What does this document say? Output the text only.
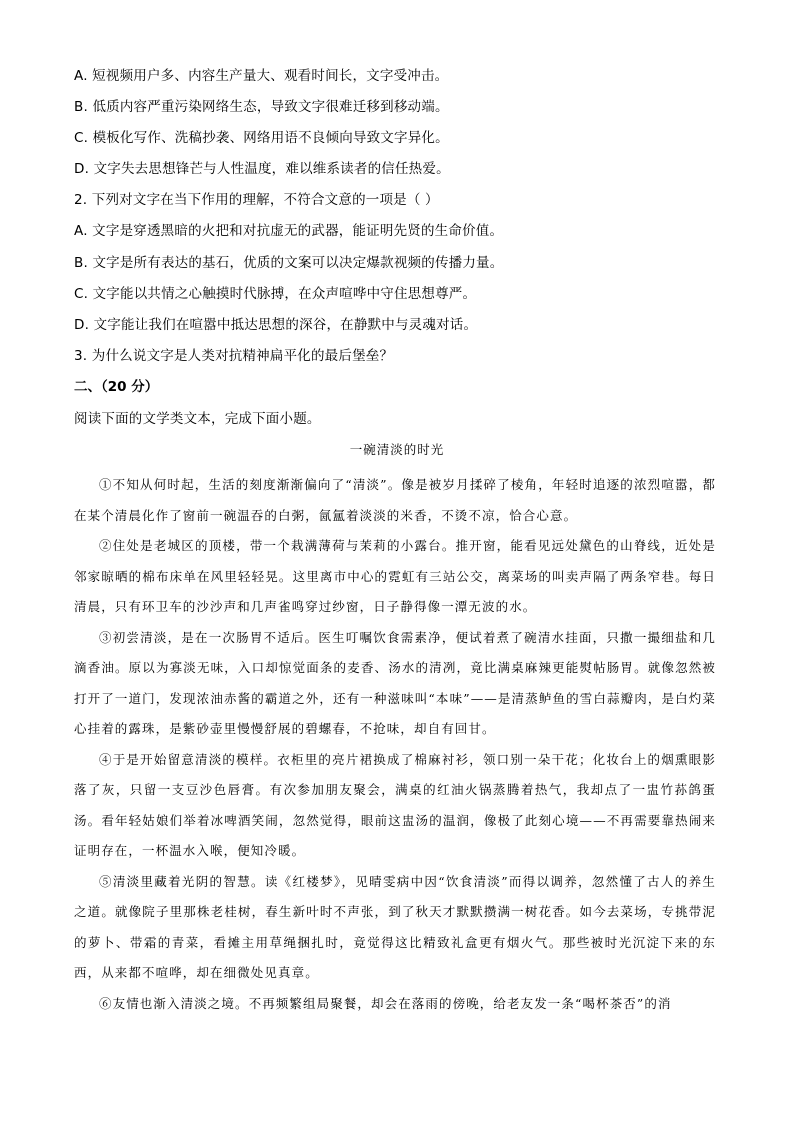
A. 短视频用户多、内容生产量大、观看时间长，文字受冲击。
B. 低质内容严重污染网络生态，导致文字很难迁移到移动端。
C. 模板化写作、洗稿抄袭、网络用语不良倾向导致文字异化。
D. 文字失去思想锋芒与人性温度，难以维系读者的信任热爱。
2. 下列对文字在当下作用的理解，不符合文意的一项是（ ）
A. 文字是穿透黑暗的火把和对抗虚无的武器，能证明先贤的生命价值。
B. 文字是所有表达的基石，优质的文案可以决定爆款视频的传播力量。
C. 文字能以共情之心触摸时代脉搏，在众声喧哗中守住思想尊严。
D. 文字能让我们在喧嚣中抵达思想的深谷，在静默中与灵魂对话。
3. 为什么说文字是人类对抗精神扁平化的最后堡垒？
二、（20 分）
阅读下面的文学类文本，完成下面小题。
一碗清淡的时光

①不知从何时起，生活的刻度渐渐偏向了“清淡”。像是被岁月揉碎了棱角，年轻时追逐的浓烈喧嚣，都在某个清晨化作了窗前一碗温吞的白粥，氤氲着淡淡的米香，不烫不凉，恰合心意。

②住处是老城区的顶楼，带一个栽满薄荷与茉莉的小露台。推开窗，能看见远处黛色的山脊线，近处是邻家晾晒的棉布床单在风里轻轻晃。这里离市中心的霓虹有三站公交，离菜场的叫卖声隔了两条窄巷。每日清晨，只有环卫车的沙沙声和几声雀鸣穿过纱窗，日子静得像一潭无波的水。

③初尝清淡，是在一次肠胃不适后。医生叮嘱饮食需素净，便试着煮了碗清水挂面，只撒一撮细盐和几滴香油。原以为寡淡无味，入口却惊觉面条的麦香、汤水的清冽，竟比满桌麻辣更能熨帖肠胃。就像忽然被打开了一道门，发现浓油赤酱的霸道之外，还有一种滋味叫“本味”——是清蒸鲈鱼的雪白蒜瓣肉，是白灼菜心挂着的露珠，是紫砂壶里慢慢舒展的碧螺春，不抢味，却自有回甘。

④于是开始留意清淡的模样。衣柜里的亮片裙换成了棉麻衬衫，领口别一朵干花；化妆台上的烟熏眼影落了灰，只留一支豆沙色唇膏。有次参加朋友聚会，满桌的红油火锅蒸腾着热气，我却点了一盅竹荪鸽蛋汤。看年轻姑娘们举着冰啤酒笑闹，忽然觉得，眼前这盅汤的温润，像极了此刻心境——不再需要靠热闹来证明存在，一杯温水入喉，便知冷暖。

⑤清淡里藏着光阴的智慧。读《红楼梦》，见晴雯病中因“饮食清淡”而得以调养，忽然懂了古人的养生之道。就像院子里那株老桂树，春生新叶时不声张，到了秋天才默默攒满一树花香。如今去菜场，专挑带泥的萝卜、带霜的青菜，看摊主用草绳捆扎时，竟觉得这比精致礼盒更有烟火气。那些被时光沉淀下来的东西，从来都不喧哗，却在细微处见真章。

⑥友情也渐入清淡之境。不再频繁组局聚餐，却会在落雨的傍晚，给老友发一条“喝杯茶否”的消
